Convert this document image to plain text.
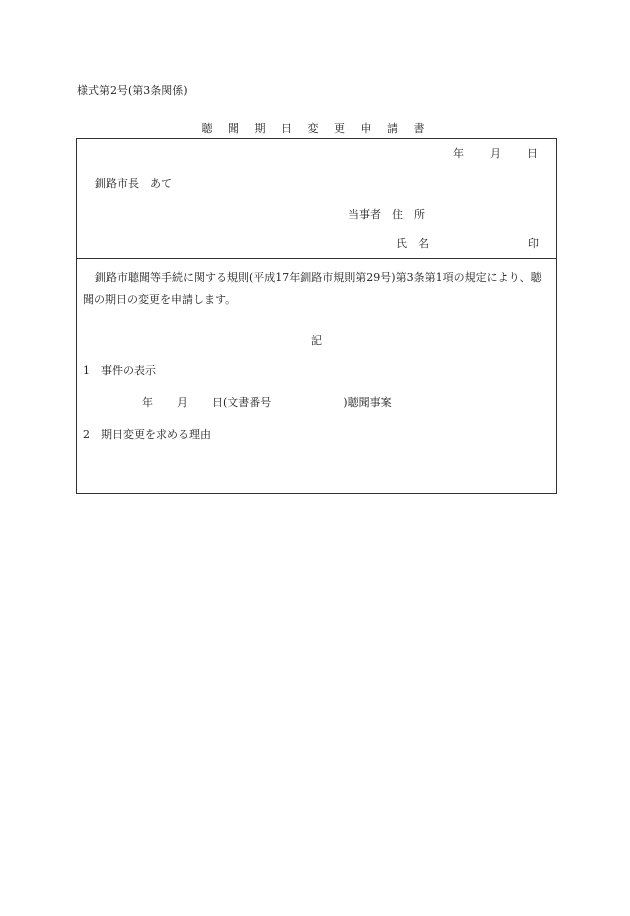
様式第2号(第3条関係)
聴 聞 期 日 変 更 申 請 書
年 月 日
釧路市長　あて
当事者　住　所
氏　名	印
釧路市聴聞等手続に関する規則(平成17年釧路市規則第29号)第3条第1項の規定により、聴聞の期日の変更を申請します。
記
1　事件の表示
年 月 日(文書番号	)聴聞事案
2　期日変更を求める理由
